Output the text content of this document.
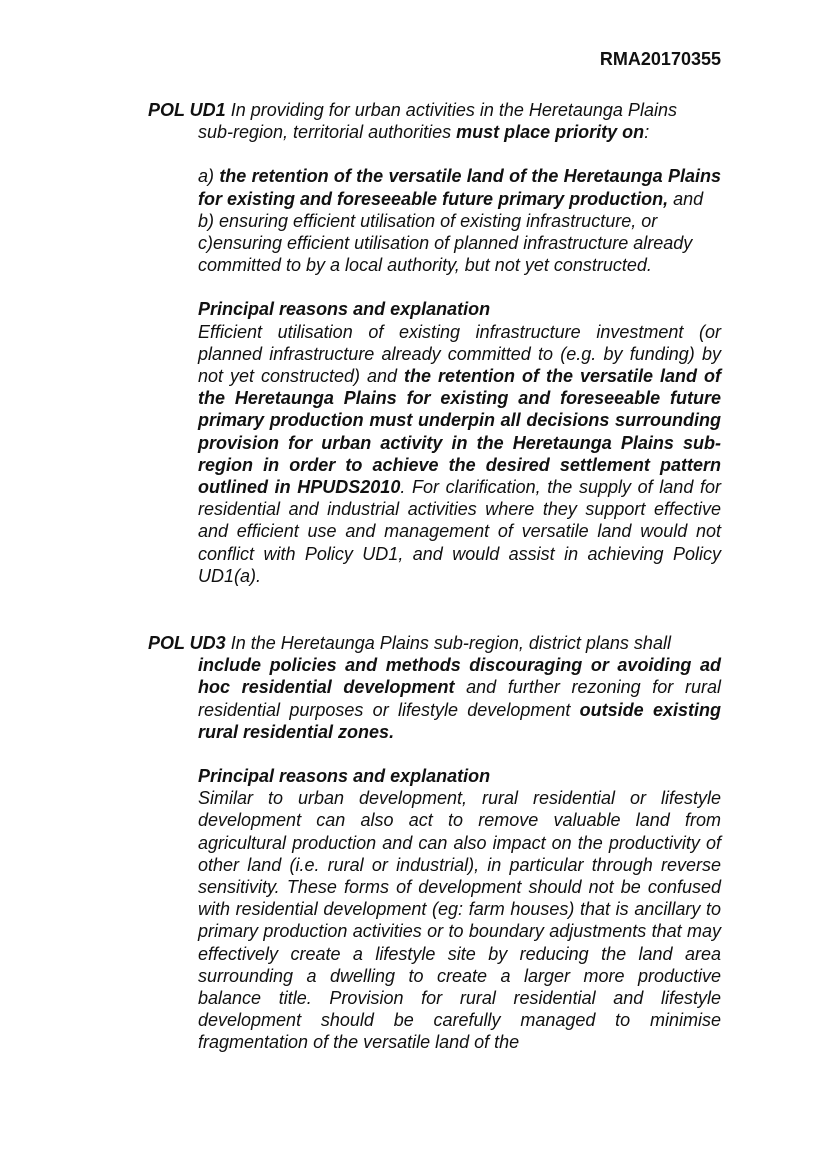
RMA20170355

POL UD1 In providing for urban activities in the Heretaunga Plains

sub-region, territorial authorities must place priority on:

a) the retention of the versatile land of the Heretaunga Plains for existing and foreseeable future primary production, and

b) ensuring efficient utilisation of existing infrastructure, or

c)ensuring efficient utilisation of planned infrastructure already committed to by a local authority, but not yet constructed.

Principal reasons and explanation

Efficient utilisation of existing infrastructure investment (or planned infrastructure already committed to (e.g. by funding) by not yet constructed) and the retention of the versatile land of the Heretaunga Plains for existing and foreseeable future primary production must underpin all decisions surrounding provision for urban activity in the Heretaunga Plains sub-region in order to achieve the desired settlement pattern outlined in HPUDS2010. For clarification, the supply of land for residential and industrial activities where they support effective and efficient use and management of versatile land would not conflict with Policy UD1, and would assist in achieving Policy UD1(a).

POL UD3 In the Heretaunga Plains sub-region, district plans shall

include policies and methods discouraging or avoiding ad hoc residential development and further rezoning for rural residential purposes or lifestyle development outside existing rural residential zones.

Principal reasons and explanation

Similar to urban development, rural residential or lifestyle development can also act to remove valuable land from agricultural production and can also impact on the productivity of other land (i.e. rural or industrial), in particular through reverse sensitivity. These forms of development should not be confused with residential development (eg: farm houses) that is ancillary to primary production activities or to boundary adjustments that may effectively create a lifestyle site by reducing the land area surrounding a dwelling to create a larger more productive balance title. Provision for rural residential and lifestyle development should be carefully managed to minimise fragmentation of the versatile land of the
